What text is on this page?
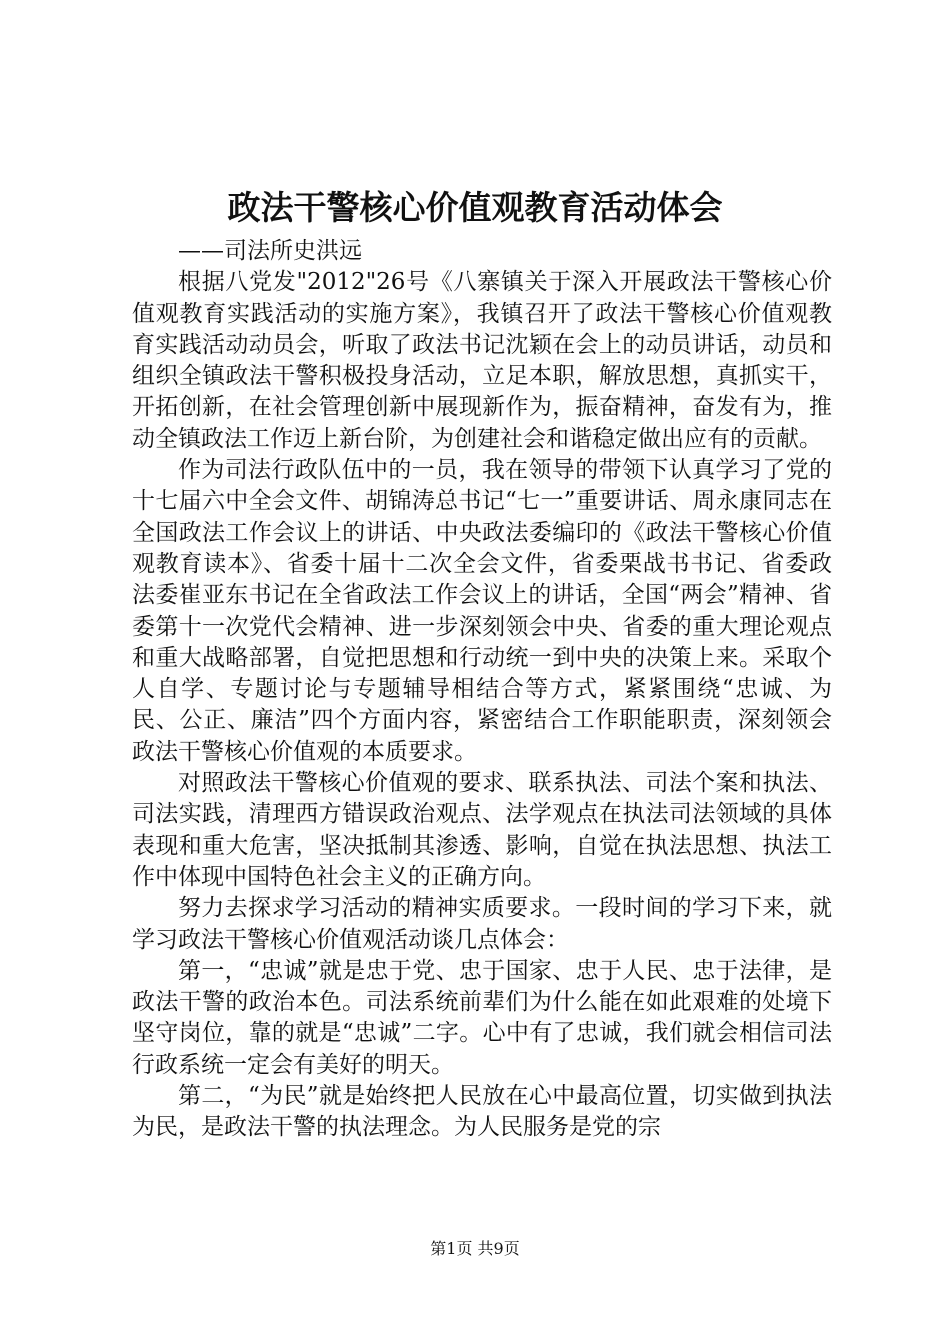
政法干警核心价值观教育活动体会

——司法所史洪远

根据八党发"2012"26号《八寨镇关于深入开展政法干警核心价值观教育实践活动的实施方案》，我镇召开了政法干警核心价值观教育实践活动动员会，听取了政法书记沈颖在会上的动员讲话，动员和组织全镇政法干警积极投身活动，立足本职，解放思想，真抓实干，开拓创新，在社会管理创新中展现新作为，振奋精神，奋发有为，推动全镇政法工作迈上新台阶，为创建社会和谐稳定做出应有的贡献。

作为司法行政队伍中的一员，我在领导的带领下认真学习了党的十七届六中全会文件、胡锦涛总书记“七一”重要讲话、周永康同志在全国政法工作会议上的讲话、中央政法委编印的《政法干警核心价值观教育读本》、省委十届十二次全会文件，省委栗战书书记、省委政法委崔亚东书记在全省政法工作会议上的讲话，全国“两会”精神、省委第十一次党代会精神、进一步深刻领会中央、省委的重大理论观点和重大战略部署，自觉把思想和行动统一到中央的决策上来。采取个人自学、专题讨论与专题辅导相结合等方式，紧紧围绕“忠诚、为民、公正、廉洁”四个方面内容，紧密结合工作职能职责，深刻领会政法干警核心价值观的本质要求。

对照政法干警核心价值观的要求、联系执法、司法个案和执法、司法实践，清理西方错误政治观点、法学观点在执法司法领域的具体表现和重大危害，坚决抵制其渗透、影响，自觉在执法思想、执法工作中体现中国特色社会主义的正确方向。

努力去探求学习活动的精神实质要求。一段时间的学习下来，就学习政法干警核心价值观活动谈几点体会：

第一，“忠诚”就是忠于党、忠于国家、忠于人民、忠于法律，是政法干警的政治本色。司法系统前辈们为什么能在如此艰难的处境下坚守岗位，靠的就是“忠诚”二字。心中有了忠诚，我们就会相信司法行政系统一定会有美好的明天。

第二，“为民”就是始终把人民放在心中最高位置，切实做到执法为民，是政法干警的执法理念。为人民服务是党的宗

第1页 共9页
